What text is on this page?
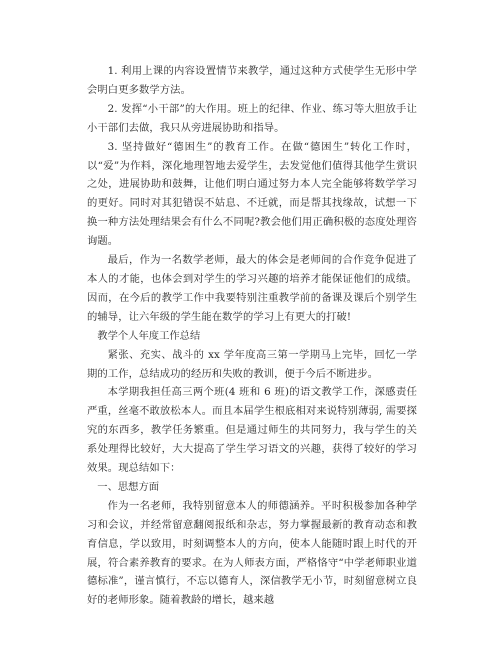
1. 利用上课的内容设置情节来教学，通过这种方式使学生无形中学会明白更多数学方法。

2. 发挥“小干部”的大作用。班上的纪律、作业、练习等大胆放手让小干部们去做，我只从旁进展协助和指导。

3. 坚持做好“德困生”的教育工作。在做“德困生”转化工作时，以“爱”为作料，深化地理智地去爱学生，去发觉他们值得其他学生赏识之处，进展协助和鼓舞，让他们明白通过努力本人完全能够将数学学习的更好。同时对其犯错误不姑息、不迁就，而是帮其找缘故，试想一下换一种方法处理结果会有什么不同呢?教会他们用正确积极的态度处理咨询题。

最后，作为一名数学老师，最大的体会是老师间的合作竞争促进了本人的才能，也体会到对学生的学习兴趣的培养才能保证他们的成绩。因而，在今后的教学工作中我要特别注重教学前的备课及课后个别学生的辅导，让六年级的学生能在数学的学习上有更大的打破!

教学个人年度工作总结

紧张、充实、战斗的 xx 学年度高三第一学期马上完毕，回忆一学期的工作，总结成功的经历和失败的教训，便于今后不断进步。

本学期我担任高三两个班(4 班和 6 班)的语文教学工作，深感责任严重，丝毫不敢放松本人。而且本届学生根底相对来说特别薄弱, 需要探究的东西多，教学任务繁重。但是通过师生的共同努力，我与学生的关系处理得比较好，大大提高了学生学习语文的兴趣，获得了较好的学习效果。现总结如下：

一、思想方面

作为一名老师，我特别留意本人的师德涵养。平时积极参加各种学习和会议，并经常留意翻阅报纸和杂志，努力掌握最新的教育动态和教育信息，学以致用，时刻调整本人的方向，使本人能随时跟上时代的开展，符合素养教育的要求。在为人师表方面，严格恪守“中学老师职业道德标准”，谨言慎行，不忘以德育人，深信教学无小节，时刻留意树立良好的老师形象。随着教龄的增长，越来越
